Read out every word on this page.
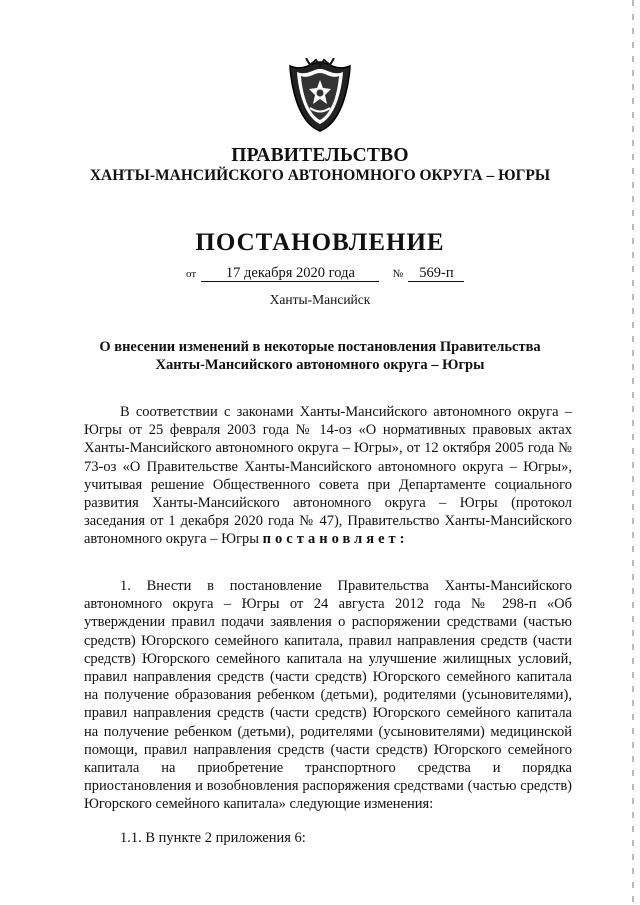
ПРАВИТЕЛЬСТВО
ХАНТЫ-МАНСИЙСКОГО АВТОНОМНОГО ОКРУГА – ЮГРЫ
ПОСТАНОВЛЕНИЕ
от 17 декабря 2020 года	№ 569-п
Ханты-Мансийск
О внесении изменений в некоторые постановления Правительства
Ханты-Мансийского автономного округа – Югры

В соответствии с законами Ханты-Мансийского автономного округа – Югры от 25 февраля 2003 года № 14-оз «О нормативных правовых актах Ханты-Мансийского автономного округа – Югры», от 12 октября 2005 года № 73-оз «О Правительстве Ханты-Мансийского автономного округа – Югры», учитывая решение Общественного совета при Департаменте социального развития Ханты-Мансийского автономного округа – Югры (протокол заседания от 1 декабря 2020 года № 47), Правительство Ханты-Мансийского автономного округа – Югры постановляет:

1. Внести в постановление Правительства Ханты-Мансийского автономного округа – Югры от 24 августа 2012 года № 298-п «Об утверждении правил подачи заявления о распоряжении средствами (частью средств) Югорского семейного капитала, правил направления средств (части средств) Югорского семейного капитала на улучшение жилищных условий, правил направления средств (части средств) Югорского семейного капитала на получение образования ребенком (детьми), родителями (усыновителями), правил направления средств (части средств) Югорского семейного капитала на получение ребенком (детьми), родителями (усыновителями) медицинской помощи, правил направления средств (части средств) Югорского семейного капитала на приобретение транспортного средства и порядка приостановления и возобновления распоряжения средствами (частью средств) Югорского семейного капитала» следующие изменения:

1.1. В пункте 2 приложения 6:
